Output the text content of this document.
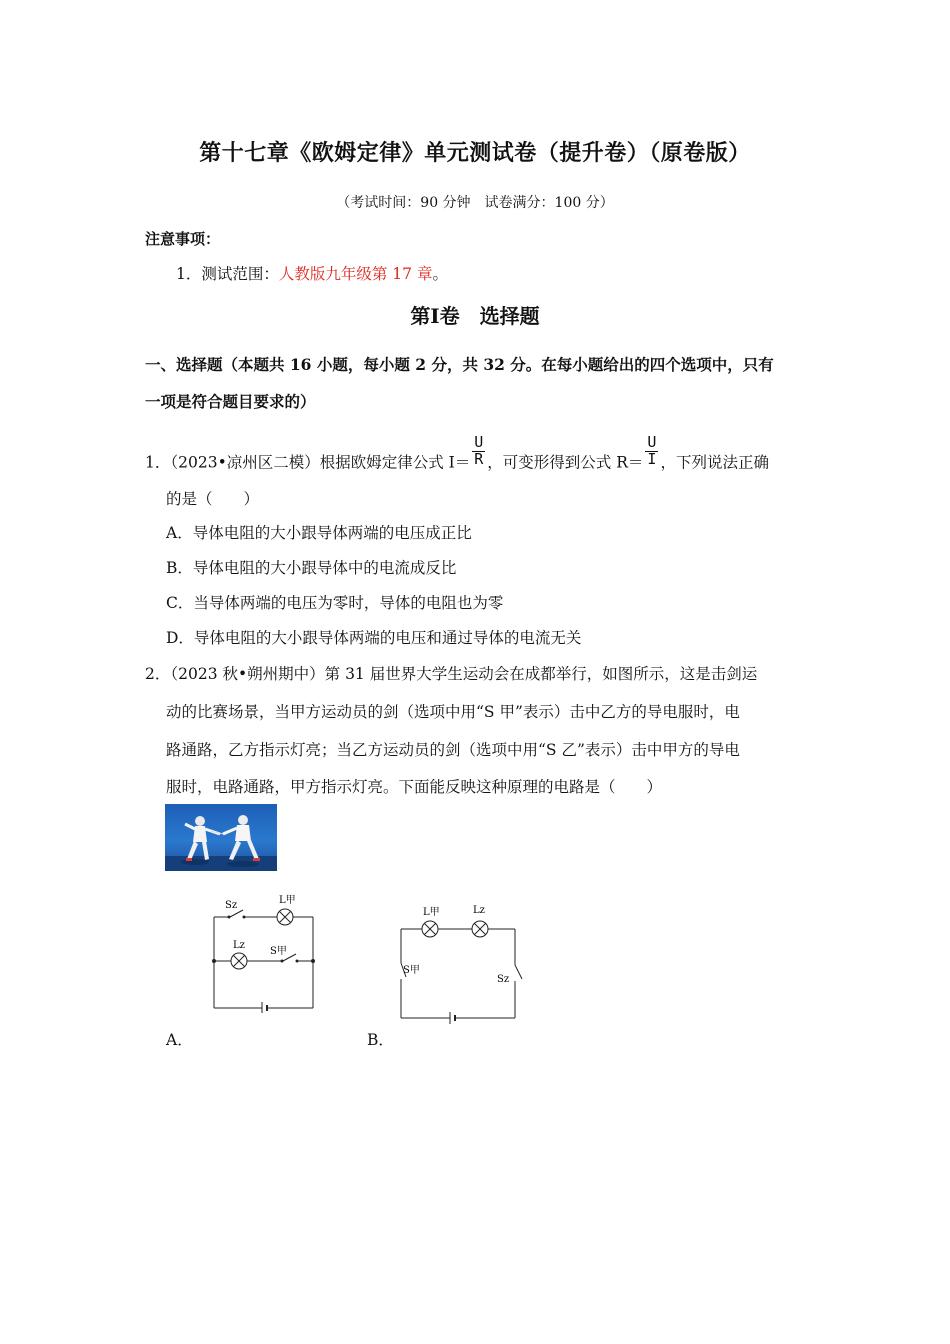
第十七章《欧姆定律》单元测试卷（提升卷）（原卷版）
（考试时间：90 分钟　试卷满分：100 分）
注意事项：
1．测试范围：人教版九年级第 17 章。
第Ⅰ卷　选择题
一、选择题（本题共 16 小题，每小题 2 分，共 32 分。在每小题给出的四个选项中，只有
一项是符合题目要求的）
1．（2023•凉州区二模）根据欧姆定律公式 $I= \frac{U}{R}$ ，可变形得到公式 $R= \frac{U}{I}$ ，下列说法正确
的是（　　）
A．导体电阻的大小跟导体两端的电压成正比
B．导体电阻的大小跟导体中的电流成反比
C．当导体两端的电压为零时，导体的电阻也为零
D．导体电阻的大小跟导体两端的电压和通过导体的电流无关
2．（2023 秋•朔州期中）第 31 届世界大学生运动会在成都举行，如图所示，这是击剑运
动的比赛场景，当甲方运动员的剑（选项中用“S 甲”表示）击中乙方的导电服时，电
路通路，乙方指示灯亮；当乙方运动员的剑（选项中用“S 乙”表示）击中甲方的导电
服时，电路通路，甲方指示灯亮。下面能反映这种原理的电路是（　　）
Sz	L甲
Lz
S甲
L甲	Lz
S甲
Sz
A．	B．
